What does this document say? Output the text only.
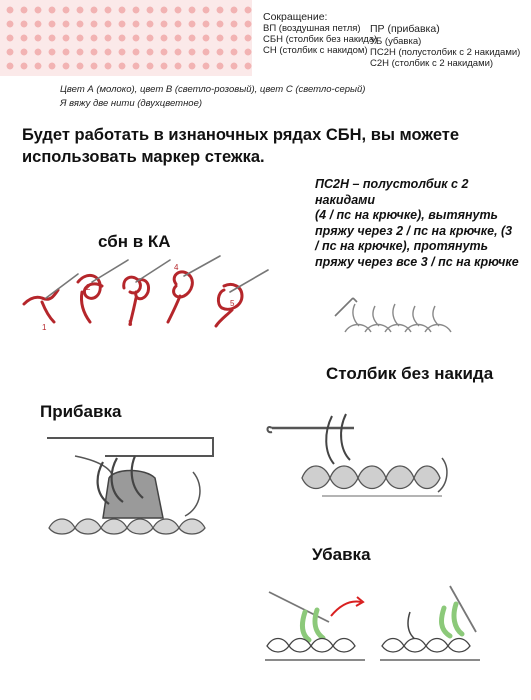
Сокращение:
ВП (воздушная петля)
СБН (столбик без накида)
СН (столбик с накидом)
ПР (прибавка)
УБ (убавка)
ПС2Н (полустолбик с 2 накидами)
С2Н (столбик с 2 накидами)
Цвет А (молоко), цвет В (светло-розовый), цвет С (светло-серый)
Я вяжу две нити (двухцветное)
Будет работать в изнаночных рядах СБН, вы можете
использовать маркер стежка.
ПС2Н – полустолбик с 2
накидами
(4 / пс на крючке), вытянуть
пряжу через 2 / пс на крючке, (3
/ пс на крючке), протянуть
пряжу через все 3 / пс на крючке
сбн в КА
1
2
3
4
5
Столбик без накида
Прибавка
Убавка
